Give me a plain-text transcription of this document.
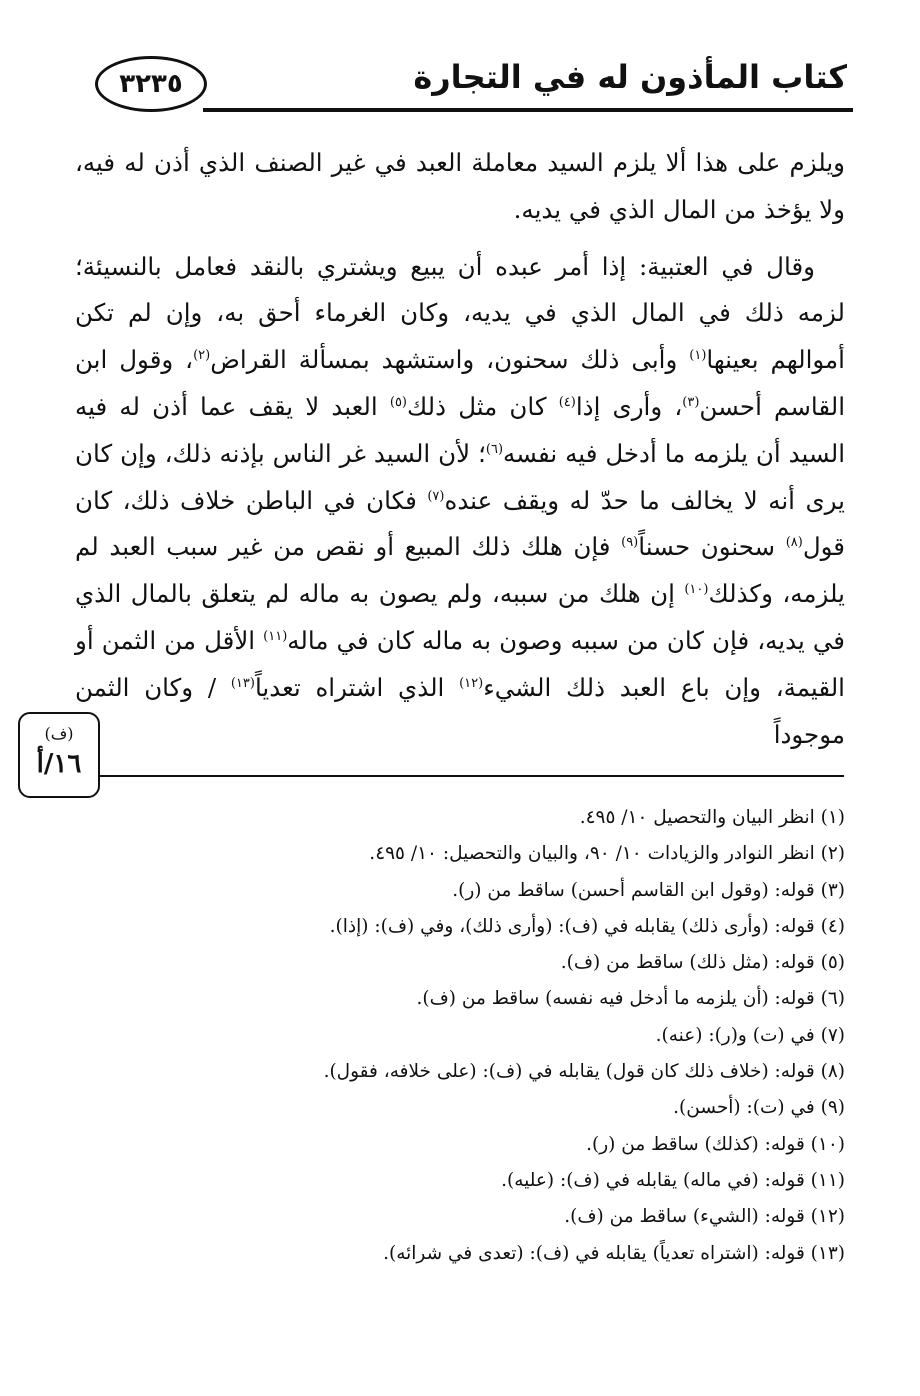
٣٢٣٥	كتاب المأذون له في التجارة

ويلزم على هذا ألا يلزم السيد معاملة العبد في غير الصنف الذي أذن له فيه، ولا يؤخذ من المال الذي في يديه.

وقال في العتبية: إذا أمر عبده أن يبيع ويشتري بالنقد فعامل بالنسيئة؛ لزمه ذلك في المال الذي في يديه، وكان الغرماء أحق به، وإن لم تكن أموالهم بعينها$^{(١)}$ وأبى ذلك سحنون، واستشهد بمسألة القراض$^{(٢)}$، وقول ابن القاسم أحسن$^{(٣)}$، وأرى إذا$^{(٤)}$ كان مثل ذلك$^{(٥)}$ العبد لا يقف عما أذن له فيه السيد أن يلزمه ما أدخل فيه نفسه$^{(٦)}$؛ لأن السيد غر الناس بإذنه ذلك، وإن كان يرى أنه لا يخالف ما حدّ له ويقف عنده$^{(٧)}$ فكان في الباطن خلاف ذلك، كان قول$^{(٨)}$ سحنون حسناً$^{(٩)}$ فإن هلك ذلك المبيع أو نقص من غير سبب العبد لم يلزمه، وكذلك$^{(١٠)}$ إن هلك من سببه، ولم يصون به ماله لم يتعلق بالمال الذي في يديه، فإن كان من سببه وصون به ماله كان في ماله$^{(١١)}$ الأقل من الثمن أو القيمة، وإن باع العبد ذلك الشيء$^{(١٢)}$ الذي اشتراه تعدياً$^{(١٣)}$ / وكان الثمن موجوداً

(ف)
١٦/أ

(١) انظر البيان والتحصيل ١٠/ ٤٩٥.

(٢) انظر النوادر والزيادات ١٠/ ٩٠، والبيان والتحصيل: ١٠/ ٤٩٥.

(٣) قوله: (وقول ابن القاسم أحسن) ساقط من (ر).

(٤) قوله: (وأرى ذلك) يقابله في (ف): (وأرى ذلك)، وفي (ف): (إذا).

(٥) قوله: (مثل ذلك) ساقط من (ف).

(٦) قوله: (أن يلزمه ما أدخل فيه نفسه) ساقط من (ف).

(٧) في (ت) و(ر): (عنه).

(٨) قوله: (خلاف ذلك كان قول) يقابله في (ف): (على خلافه، فقول).

(٩) في (ت): (أحسن).

(١٠) قوله: (كذلك) ساقط من (ر).

(١١) قوله: (في ماله) يقابله في (ف): (عليه).

(١٢) قوله: (الشيء) ساقط من (ف).

(١٣) قوله: (اشتراه تعدياً) يقابله في (ف): (تعدى في شرائه).
